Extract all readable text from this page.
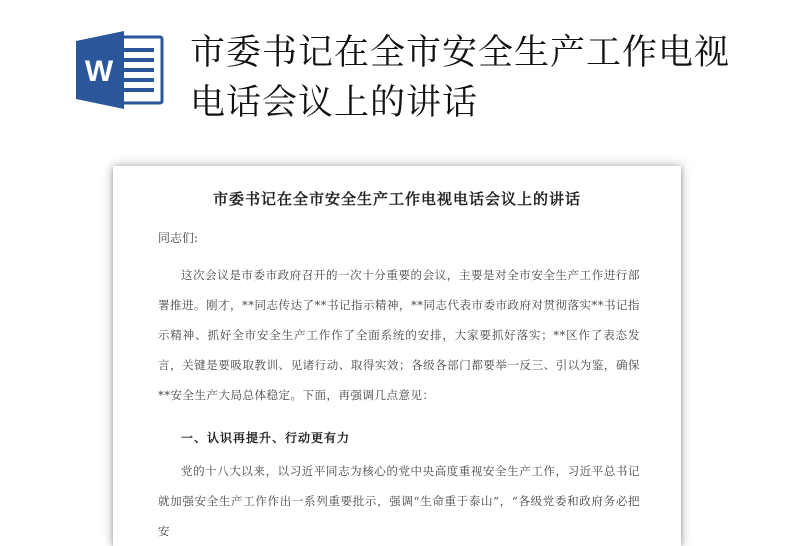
W 市委书记在全市安全生产工作电视电话会议上的讲话
市委书记在全市安全生产工作电视电话会议上的讲话
同志们:
这次会议是市委市政府召开的一次十分重要的会议，主要是对全市安全生产工作进行部署推进。刚才，**同志传达了**书记指示精神，**同志代表市委市政府对贯彻落实**书记指示精神、抓好全市安全生产工作作了全面系统的安排，大家要抓好落实；**区作了表态发言，关键是要吸取教训、见诸行动、取得实效；各级各部门都要举一反三、引以为鉴，确保**安全生产大局总体稳定。下面，再强调几点意见：
一、认识再提升、行动更有力
党的十八大以来，以习近平同志为核心的党中央高度重视安全生产工作，习近平总书记就加强安全生产工作作出一系列重要批示，强调“生命重于泰山”，“各级党委和政府务必把安
